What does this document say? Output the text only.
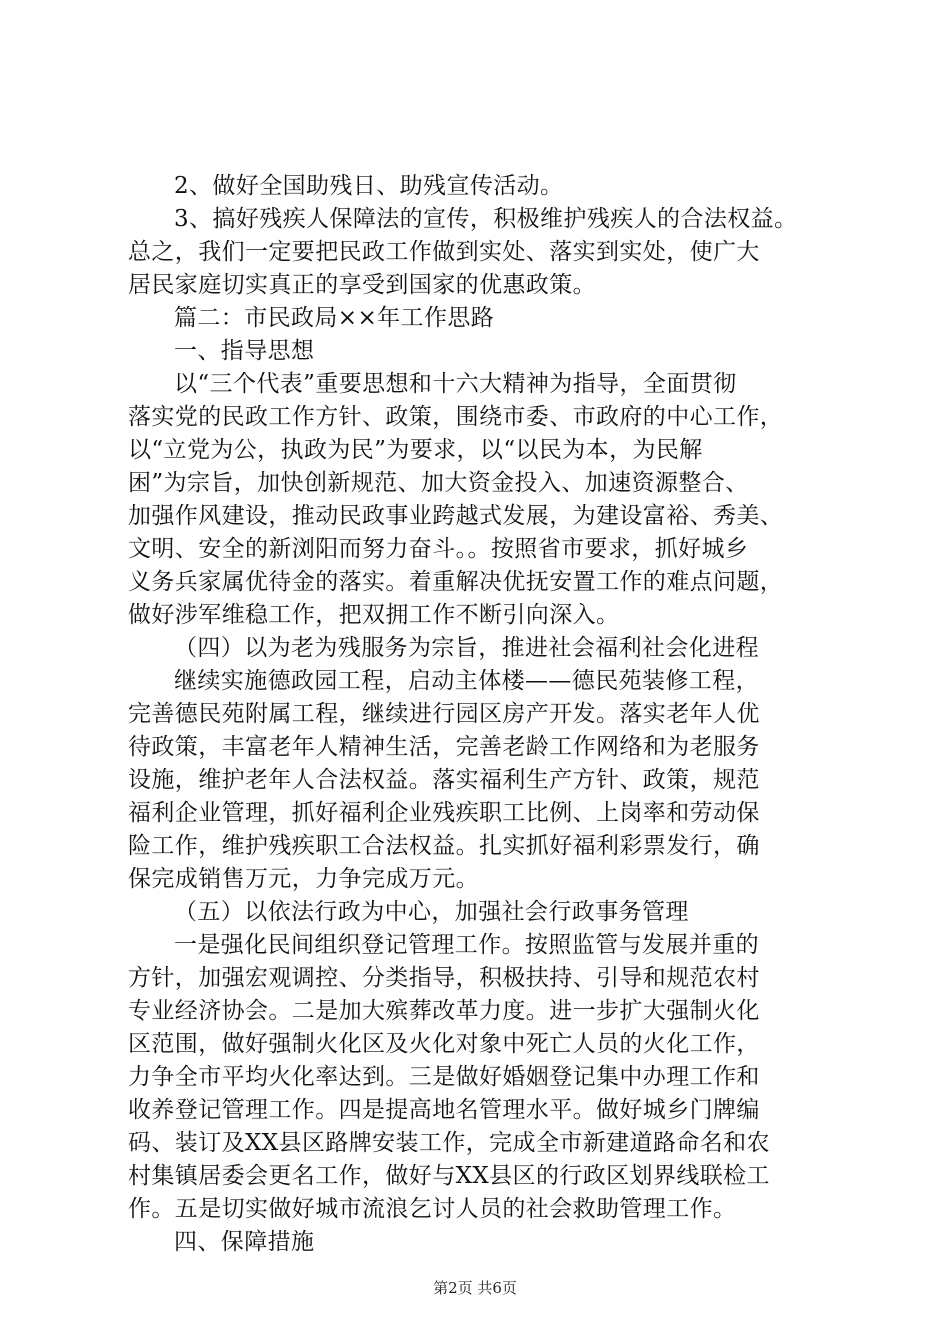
2、做好全国助残日、助残宣传活动。
3、搞好残疾人保障法的宣传，积极维护残疾人的合法权益。
总之，我们一定要把民政工作做到实处、落实到实处，使广大
居民家庭切实真正的享受到国家的优惠政策。
篇二：市民政局××年工作思路
一、指导思想
以“三个代表”重要思想和十六大精神为指导，全面贯彻
落实党的民政工作方针、政策，围绕市委、市政府的中心工作，
以“立党为公，执政为民”为要求，以“以民为本，为民解
困”为宗旨，加快创新规范、加大资金投入、加速资源整合、
加强作风建设，推动民政事业跨越式发展，为建设富裕、秀美、
文明、安全的新浏阳而努力奋斗。。按照省市要求，抓好城乡
义务兵家属优待金的落实。着重解决优抚安置工作的难点问题，
做好涉军维稳工作，把双拥工作不断引向深入。
（四）以为老为残服务为宗旨，推进社会福利社会化进程
继续实施德政园工程，启动主体楼——德民苑装修工程，
完善德民苑附属工程，继续进行园区房产开发。落实老年人优
待政策，丰富老年人精神生活，完善老龄工作网络和为老服务
设施，维护老年人合法权益。落实福利生产方针、政策，规范
福利企业管理，抓好福利企业残疾职工比例、上岗率和劳动保
险工作，维护残疾职工合法权益。扎实抓好福利彩票发行，确
保完成销售万元，力争完成万元。
（五）以依法行政为中心，加强社会行政事务管理
一是强化民间组织登记管理工作。按照监管与发展并重的
方针，加强宏观调控、分类指导，积极扶持、引导和规范农村
专业经济协会。二是加大殡葬改革力度。进一步扩大强制火化
区范围，做好强制火化区及火化对象中死亡人员的火化工作，
力争全市平均火化率达到。三是做好婚姻登记集中办理工作和
收养登记管理工作。四是提高地名管理水平。做好城乡门牌编
码、装订及XX县区路牌安装工作，完成全市新建道路命名和农
村集镇居委会更名工作，做好与XX县区的行政区划界线联检工
作。五是切实做好城市流浪乞讨人员的社会救助管理工作。
四、保障措施
第2页 共6页
